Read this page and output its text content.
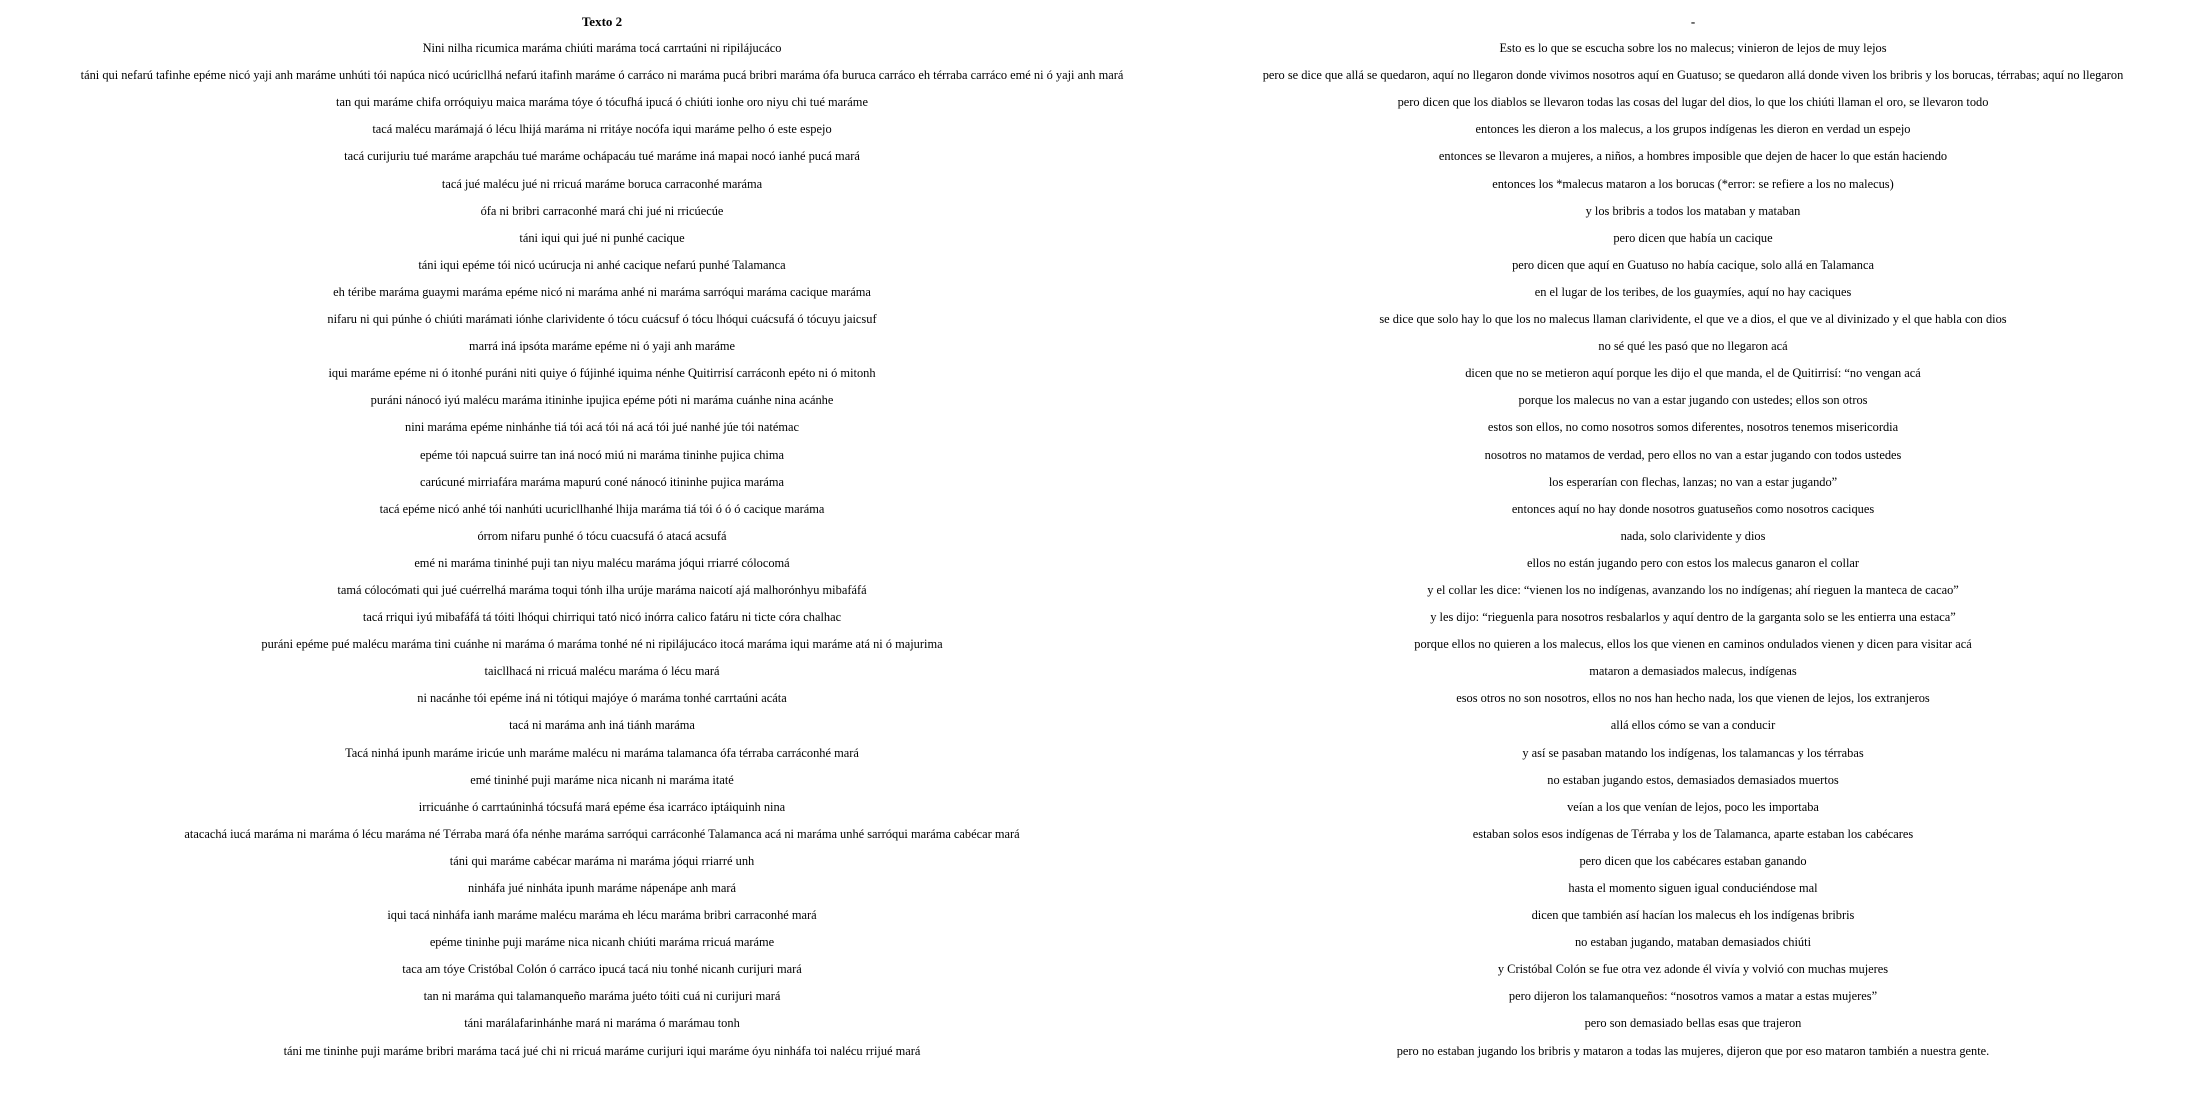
Texto 2	-
Nini nilha ricumica maráma chiúti maráma tocá carrtaúni ni ripilájucáco	Esto es lo que se escucha sobre los no malecus; vinieron de lejos de muy lejos
táni qui nefarú tafinhe epéme nicó yaji anh maráme unhúti tói napúca nicó ucúricllhá nefarú itafinh maráme ó carráco ni maráma pucá bribri maráma ófa buruca carráco eh térraba carráco emé ni ó yaji anh mará	pero se dice que allá se quedaron, aquí no llegaron donde vivimos nosotros aquí en Guatuso; se quedaron allá donde viven los bribris y los borucas, térrabas; aquí no llegaron
tan qui maráme chifa orróquiyu maica maráma tóye ó tócufhá ipucá ó chiúti ionhe oro niyu chi tué maráme	pero dicen que los diablos se llevaron todas las cosas del lugar del dios, lo que los chiúti llaman el oro, se llevaron todo
tacá malécu marámajá ó lécu lhijá maráma ni rritáye nocófa iqui maráme pelho ó este espejo	entonces les dieron a los malecus, a los grupos indígenas les dieron en verdad un espejo
tacá curijuriu tué maráme arapcháu tué maráme ochápacáu tué maráme iná mapai nocó ianhé pucá mará	entonces se llevaron a mujeres, a niños, a hombres imposible que dejen de hacer lo que están haciendo
tacá jué malécu jué ni rricuá maráme boruca carraconhé maráma	entonces los *malecus mataron a los borucas (*error: se refiere a los no malecus)
ófa ni bribri carraconhé mará chi jué ni rricúecúe	y los bribris a todos los mataban y mataban
táni iqui qui jué ni punhé cacique	pero dicen que había un cacique
táni iqui epéme tói nicó ucúrucja ni anhé cacique nefarú punhé Talamanca	pero dicen que aquí en Guatuso no había cacique, solo allá en Talamanca
eh téribe maráma guaymi maráma epéme nicó ni maráma anhé ni maráma sarróqui maráma cacique maráma	en el lugar de los teribes, de los guaymíes, aquí no hay caciques
nifaru ni qui púnhe ó chiúti marámati iónhe clarividente ó tócu cuácsuf ó tócu lhóqui cuácsufá ó tócuyu jaicsuf	se dice que solo hay lo que los no malecus llaman clarividente, el que ve a dios, el que ve al divinizado y el que habla con dios
marrá iná ipsóta maráme epéme ni ó yaji anh maráme	no sé qué les pasó que no llegaron acá
iqui maráme epéme ni ó itonhé puráni niti quiye ó fújinhé iquima nénhe Quitirrisí carráconh epéto ni ó mitonh	dicen que no se metieron aquí porque les dijo el que manda, el de Quitirrisí: “no vengan acá
puráni nánocó iyú malécu maráma itininhe ipujica epéme póti ni maráma cuánhe nina acánhe	porque los malecus no van a estar jugando con ustedes; ellos son otros
nini maráma epéme ninhánhe tiá tói acá tói ná acá tói jué nanhé júe tói natémac	estos son ellos, no como nosotros somos diferentes, nosotros tenemos misericordia
epéme tói napcuá suirre tan iná nocó miú ni maráma tininhe pujica chima	nosotros no matamos de verdad, pero ellos no van a estar jugando con todos ustedes
carúcuné mirriafára maráma mapurú coné nánocó itininhe pujica maráma	los esperarían con flechas, lanzas; no van a estar jugando”
tacá epéme nicó anhé tói nanhúti ucuricllhanhé lhija maráma tiá tói ó ó ó cacique maráma	entonces aquí no hay donde nosotros guatuseños como nosotros caciques
órrom nifaru punhé ó tócu cuacsufá ó atacá acsufá	nada, solo clarividente y dios
emé ni maráma tininhé puji tan niyu malécu maráma jóqui rriarré cólocomá	ellos no están jugando pero con estos los malecus ganaron el collar
tamá cólocómati qui jué cuérrelhá maráma toqui tónh ilha urúje maráma naicotí ajá malhorónhyu mibafáfá	y el collar les dice: “vienen los no indígenas, avanzando los no indígenas; ahí rieguen la manteca de cacao”
tacá rriqui iyú mibafáfá tá tóiti lhóqui chirriqui tató nicó inórra calico fatáru ni ticte córa chalhac	y les dijo: “rieguenla para nosotros resbalarlos y aquí dentro de la garganta solo se les entierra una estaca”
puráni epéme pué malécu maráma tini cuánhe ni maráma ó maráma tonhé né ni ripilájucáco itocá maráma iqui maráme atá ni ó majurima	porque ellos no quieren a los malecus, ellos los que vienen en caminos ondulados vienen y dicen para visitar acá
taicllhacá ni rricuá malécu maráma ó lécu mará	mataron a demasiados malecus, indígenas
ni nacánhe tói epéme iná ni tótiqui majóye ó maráma tonhé carrtaúni acáta	esos otros no son nosotros, ellos no nos han hecho nada, los que vienen de lejos, los extranjeros
tacá ni maráma anh iná tiánh maráma	allá ellos cómo se van a conducir
Tacá ninhá ipunh maráme iricúe unh maráme malécu ni maráma talamanca ófa térraba carráconhé mará	y así se pasaban matando los indígenas, los talamancas y los térrabas
emé tininhé puji maráme nica nicanh ni maráma itaté	no estaban jugando estos, demasiados demasiados muertos
irricuánhe ó carrtaúninhá tócsufá mará epéme ésa icarráco iptáiquinh nina	veían a los que venían de lejos, poco les importaba
atacachá iucá maráma ni maráma ó lécu maráma né Térraba mará ófa nénhe maráma sarróqui carráconhé Talamanca acá ni maráma unhé sarróqui maráma cabécar mará	estaban solos esos indígenas de Térraba y los de Talamanca, aparte estaban los cabécares
táni qui maráme cabécar maráma ni maráma jóqui rriarré unh	pero dicen que los cabécares estaban ganando
ninháfa jué ninháta ipunh maráme nápenápe anh mará	hasta el momento siguen igual conduciéndose mal
iqui tacá ninháfa ianh maráme malécu maráma eh lécu maráma bribri carraconhé mará	dicen que también así hacían los malecus eh los indígenas bribris
epéme tininhe puji maráme nica nicanh chiúti maráma rricuá maráme	no estaban jugando, mataban demasiados chiúti
taca am tóye Cristóbal Colón ó carráco ipucá tacá niu tonhé nicanh curijuri mará	y Cristóbal Colón se fue otra vez adonde él vivía y volvió con muchas mujeres
tan ni maráma qui talamanqueño maráma juéto tóiti cuá ni curijuri mará	pero dijeron los talamanqueños: “nosotros vamos a matar a estas mujeres”
táni marálafarinhánhe mará ni maráma ó marámau tonh	pero son demasiado bellas esas que trajeron
táni me tininhe puji maráme bribri maráma tacá jué chi ni rricuá maráme curijuri iqui maráme óyu ninháfa toi nalécu rrijué mará	pero no estaban jugando los bribris y mataron a todas las mujeres, dijeron que por eso mataron también a nuestra gente.
